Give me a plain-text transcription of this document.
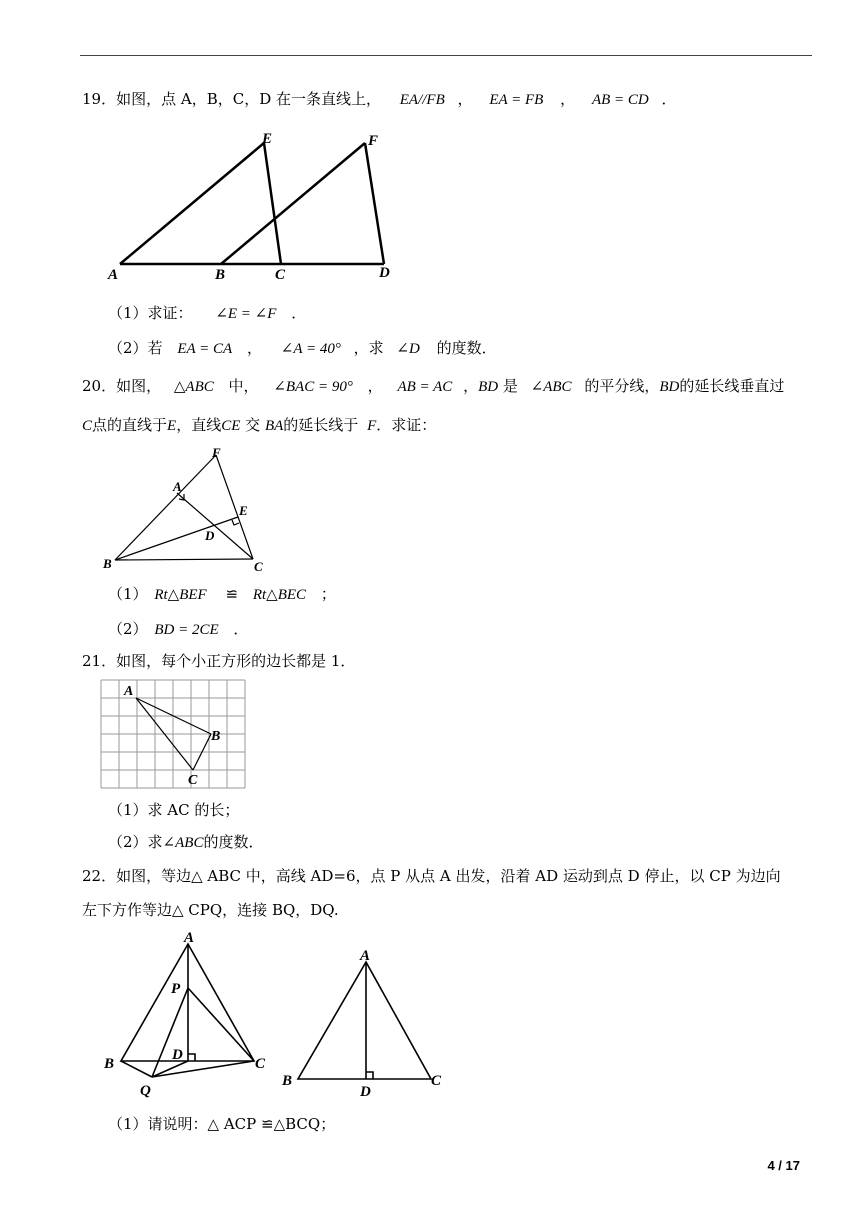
19．如图，点 A，B，C，D 在一条直线上， EA//FB ， EA = FB ， AB = CD ．
A	B	C	D
E	F
（1）求证： ∠E = ∠F ．
（2）若 EA = CA ， ∠A = 40° ，求 ∠D 的度数．
20．如图， △ABC 中， ∠BAC = 90° ， AB = AC ，BD 是 ∠ABC 的平分线，BD的延长线垂直过
C点的直线于E，直线CE 交 BA的延长线于 F．求证：
B
A
F
E
D
C
（1） Rt△BEF ≌ Rt△BEC ；
（2） BD = 2CE ．
21．如图，每个小正方形的边长都是 1．
A
B
C
（1）求 AC 的长；
（2）求∠ABC的度数．
22．如图，等边△ ABC 中，高线 AD=6，点 P 从点 A 出发，沿着 AD 运动到点 D 停止，以 CP 为边向
左下方作等边△ CPQ，连接 BQ，DQ.
A
P
B
D
C
Q
A
B
D
C
（1）请说明：△ ACP ≌△BCQ；
4 / 17
